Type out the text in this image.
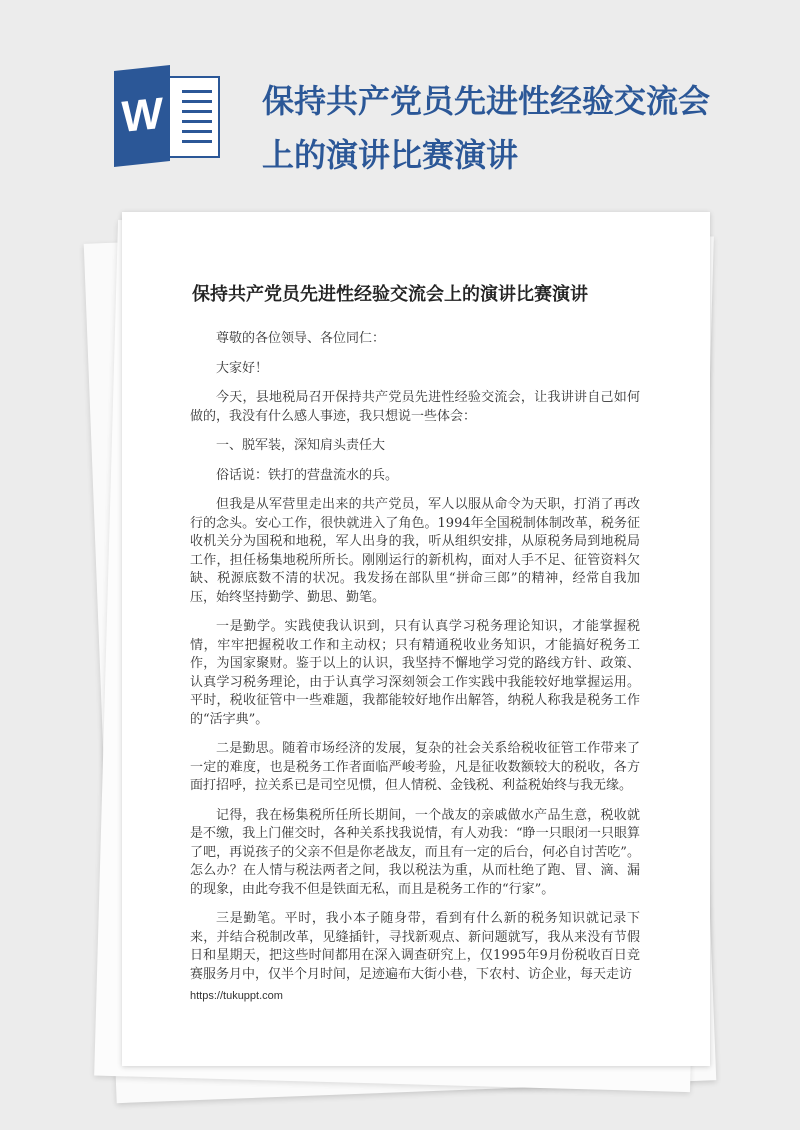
W	保持共产党员先进性经验交流会上的演讲比赛演讲
保持共产党员先进性经验交流会上的演讲比赛演讲

尊敬的各位领导、各位同仁：

大家好！

今天，县地税局召开保持共产党员先进性经验交流会，让我讲讲自己如何做的，我没有什么感人事迹，我只想说一些体会：

一、脱军装，深知肩头责任大

俗话说：铁打的营盘流水的兵。

但我是从军营里走出来的共产党员，军人以服从命令为天职，打消了再改行的念头。安心工作，很快就进入了角色。1994年全国税制体制改革，税务征收机关分为国税和地税，军人出身的我，听从组织安排，从原税务局到地税局工作，担任杨集地税所所长。刚刚运行的新机构，面对人手不足、征管资料欠缺、税源底数不清的状况。我发扬在部队里“拼命三郎”的精神，经常自我加压，始终坚持勤学、勤思、勤笔。

一是勤学。实践使我认识到，只有认真学习税务理论知识，才能掌握税情，牢牢把握税收工作和主动权；只有精通税收业务知识，才能搞好税务工作，为国家聚财。鉴于以上的认识，我坚持不懈地学习党的路线方针、政策、认真学习税务理论，由于认真学习深刻领会工作实践中我能较好地掌握运用。平时，税收征管中一些难题，我都能较好地作出解答，纳税人称我是税务工作的“活字典”。

二是勤思。随着市场经济的发展，复杂的社会关系给税收征管工作带来了一定的难度，也是税务工作者面临严峻考验，凡是征收数额较大的税收，各方面打招呼，拉关系已是司空见惯，但人情税、金钱税、利益税始终与我无缘。

记得，我在杨集税所任所长期间，一个战友的亲戚做水产品生意，税收就是不缴，我上门催交时，各种关系找我说情，有人劝我：“睁一只眼闭一只眼算了吧，再说孩子的父亲不但是你老战友，而且有一定的后台，何必自讨苦吃”。怎么办？在人情与税法两者之间，我以税法为重，从而杜绝了跑、冒、滴、漏的现象，由此夸我不但是铁面无私，而且是税务工作的“行家”。

三是勤笔。平时，我小本子随身带，看到有什么新的税务知识就记录下来，并结合税制改革，见缝插针，寻找新观点、新问题就写，我从来没有节假日和星期天，把这些时间都用在深入调查研究上，仅1995年9月份税收百日竞赛服务月中，仅半个月时间，足迹遍布大街小巷，下农村、访企业，每天走访

https://tukuppt.com
